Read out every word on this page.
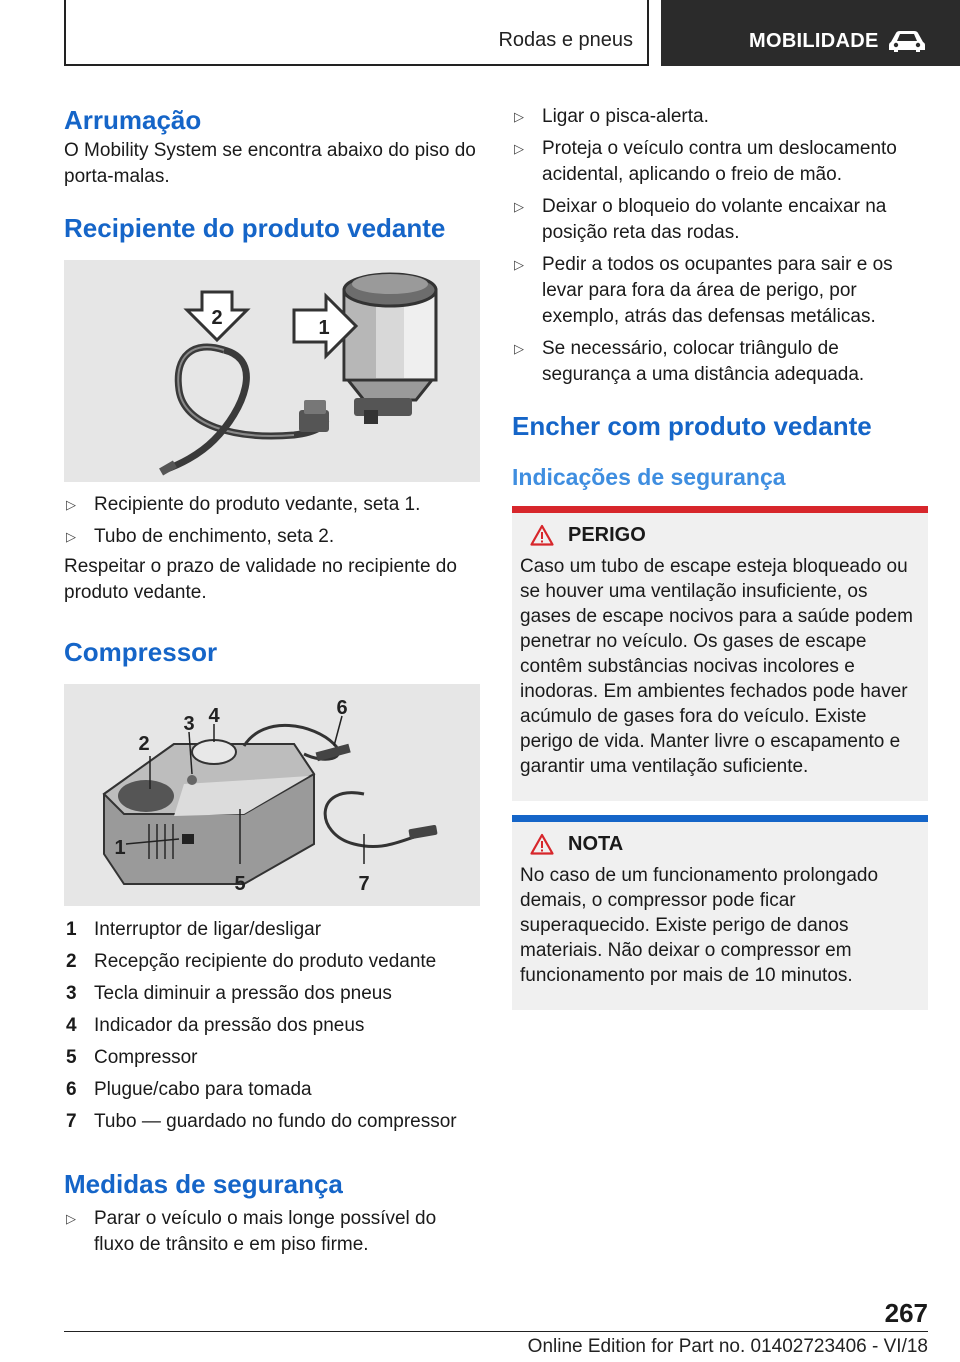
Rodas e pneus	MOBILIDADE
Arrumação

O Mobility System se encontra abaixo do piso do porta-malas.

Recipiente do produto vedante
2	1
▷ Recipiente do produto vedante, seta 1.
▷ Tubo de enchimento, seta 2.

Respeitar o prazo de validade no recipiente do produto vedante.

Compressor
2
3 4	6
1
5	7
1 Interruptor de ligar/desligar
2 Recepção recipiente do produto vedante
3 Tecla diminuir a pressão dos pneus
4 Indicador da pressão dos pneus
5 Compressor
6 Plugue/cabo para tomada
7 Tubo — guardado no fundo do compressor
Medidas de segurança
▷ Parar o veículo o mais longe possível do fluxo de trânsito e em piso firme.
▷ Ligar o pisca-alerta.
▷ Proteja o veículo contra um deslocamento acidental, aplicando o freio de mão.
▷ Deixar o bloqueio do volante encaixar na posição reta das rodas.
▷ Pedir a todos os ocupantes para sair e os levar para fora da área de perigo, por exemplo, atrás das defensas metálicas.
▷ Se necessário, colocar triângulo de segurança a uma distância adequada.
Encher com produto vedante
Indicações de segurança
PERIGO

Caso um tubo de escape esteja bloqueado ou se houver uma ventilação insuficiente, os gases de escape nocivos para a saúde podem penetrar no veículo. Os gases de escape contêm substâncias nocivas incolores e inodoras. Em ambientes fechados pode haver acúmulo de gases fora do veículo. Existe perigo de vida. Manter livre o escapamento e garantir uma ventilação suficiente.

NOTA

No caso de um funcionamento prolongado demais, o compressor pode ficar superaquecido. Existe perigo de danos materiais. Não deixar o compressor em funcionamento por mais de 10 minutos.

267
Online Edition for Part no. 01402723406 - VI/18
